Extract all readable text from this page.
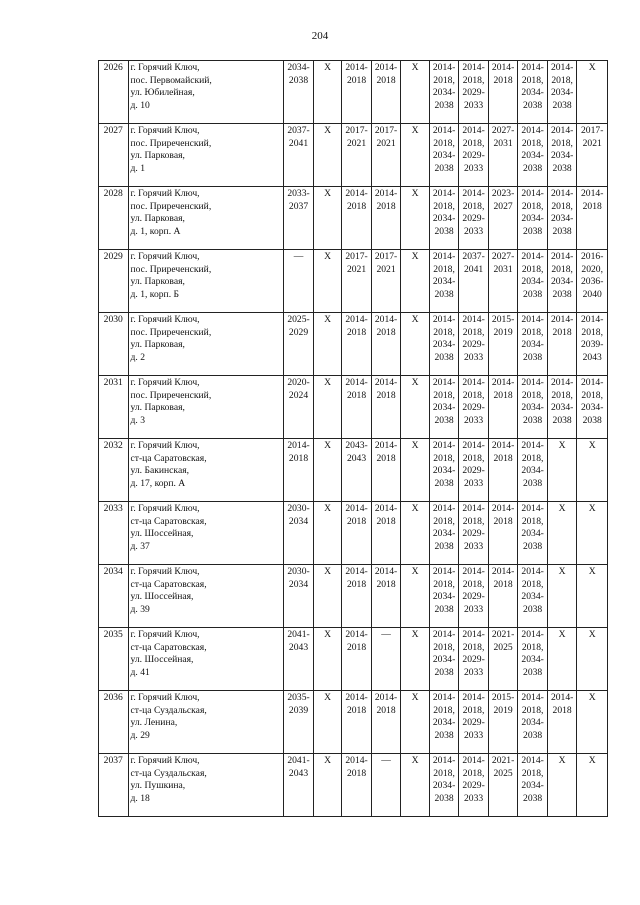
204
2026	г. Горячий Ключ,
пос. Первомайский,
ул. Юбилейная,
д. 10	2034-
2038	X	2014-
2018	2014-
2018	X	2014-
2018,
2034-
2038	2014-
2018,
2029-
2033	2014-
2018	2014-
2018,
2034-
2038	2014-
2018,
2034-
2038	X
2027	г. Горячий Ключ,
пос. Приреченский,
ул. Парковая,
д. 1	2037-
2041	X	2017-
2021	2017-
2021	X	2014-
2018,
2034-
2038	2014-
2018,
2029-
2033	2027-
2031	2014-
2018,
2034-
2038	2014-
2018,
2034-
2038	2017-
2021
2028	г. Горячий Ключ,
пос. Приреченский,
ул. Парковая,
д. 1, корп. А	2033-
2037	X	2014-
2018	2014-
2018	X	2014-
2018,
2034-
2038	2014-
2018,
2029-
2033	2023-
2027	2014-
2018,
2034-
2038	2014-
2018,
2034-
2038	2014-
2018
2029	г. Горячий Ключ,
пос. Приреченский,
ул. Парковая,
д. 1, корп. Б	—	X	2017-
2021	2017-
2021	X	2014-
2018,
2034-
2038	2037-
2041	2027-
2031	2014-
2018,
2034-
2038	2014-
2018,
2034-
2038	2016-
2020,
2036-
2040
2030	г. Горячий Ключ,
пос. Приреченский,
ул. Парковая,
д. 2	2025-
2029	X	2014-
2018	2014-
2018	X	2014-
2018,
2034-
2038	2014-
2018,
2029-
2033	2015-
2019	2014-
2018,
2034-
2038	2014-
2018	2014-
2018,
2039-
2043
2031	г. Горячий Ключ,
пос. Приреченский,
ул. Парковая,
д. 3	2020-
2024	X	2014-
2018	2014-
2018	X	2014-
2018,
2034-
2038	2014-
2018,
2029-
2033	2014-
2018	2014-
2018,
2034-
2038	2014-
2018,
2034-
2038	2014-
2018,
2034-
2038
2032	г. Горячий Ключ,
ст-ца Саратовская,
ул. Бакинская,
д. 17, корп. А	2014-
2018	X	2043-
2043	2014-
2018	X	2014-
2018,
2034-
2038	2014-
2018,
2029-
2033	2014-
2018	2014-
2018,
2034-
2038	X	X
2033	г. Горячий Ключ,
ст-ца Саратовская,
ул. Шоссейная,
д. 37	2030-
2034	X	2014-
2018	2014-
2018	X	2014-
2018,
2034-
2038	2014-
2018,
2029-
2033	2014-
2018	2014-
2018,
2034-
2038	X	X
2034	г. Горячий Ключ,
ст-ца Саратовская,
ул. Шоссейная,
д. 39	2030-
2034	X	2014-
2018	2014-
2018	X	2014-
2018,
2034-
2038	2014-
2018,
2029-
2033	2014-
2018	2014-
2018,
2034-
2038	X	X
2035	г. Горячий Ключ,
ст-ца Саратовская,
ул. Шоссейная,
д. 41	2041-
2043	X	2014-
2018	—	X	2014-
2018,
2034-
2038	2014-
2018,
2029-
2033	2021-
2025	2014-
2018,
2034-
2038	X	X
2036	г. Горячий Ключ,
ст-ца Суздальская,
ул. Ленина,
д. 29	2035-
2039	X	2014-
2018	2014-
2018	X	2014-
2018,
2034-
2038	2014-
2018,
2029-
2033	2015-
2019	2014-
2018,
2034-
2038	2014-
2018	X
2037	г. Горячий Ключ,
ст-ца Суздальская,
ул. Пушкина,
д. 18	2041-
2043	X	2014-
2018	—	X	2014-
2018,
2034-
2038	2014-
2018,
2029-
2033	2021-
2025	2014-
2018,
2034-
2038	X	X
